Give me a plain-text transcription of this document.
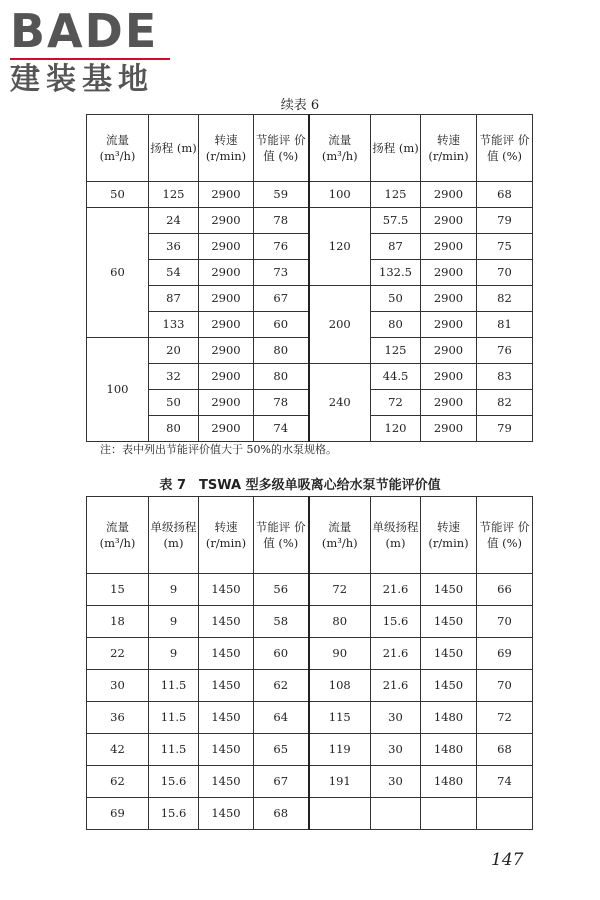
BADE
建装基地
续表 6
流量 (m³/h)	扬程 (m)	转速 (r/min)	节能评 价值 (%)	流量 (m³/h)	扬程 (m)	转速 (r/min)	节能评 价值 (%)
50	125	2900	59	100	125	2900	68
60	24	2900	78	120	57.5	2900	79
	36	2900	76		87	2900	75
	54	2900	73		132.5	2900	70
	87	2900	67	200	50	2900	82
	133	2900	60		80	2900	81
100	20	2900	80		125	2900	76
	32	2900	80	240	44.5	2900	83
	50	2900	78		72	2900	82
	80	2900	74		120	2900	79
注：表中列出节能评价值大于 50%的水泵规格。
表 7　TSWA 型多级单吸离心给水泵节能评价值
流量 (m³/h)	单级扬程 (m)	转速 (r/min)	节能评 价值 (%)	流量 (m³/h)	单级扬程 (m)	转速 (r/min)	节能评 价值 (%)
15	9	1450	56	72	21.6	1450	66
18	9	1450	58	80	15.6	1450	70
22	9	1450	60	90	21.6	1450	69
30	11.5	1450	62	108	21.6	1450	70
36	11.5	1450	64	115	30	1480	72
42	11.5	1450	65	119	30	1480	68
62	15.6	1450	67	191	30	1480	74
69	15.6	1450	68				
147
